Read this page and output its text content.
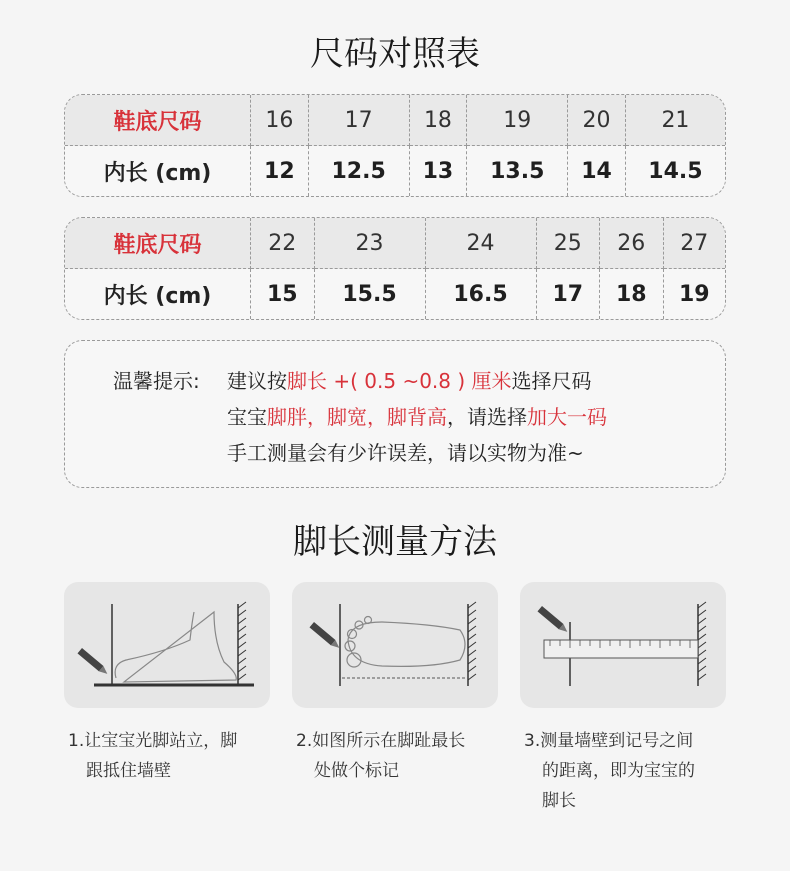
尺码对照表
鞋底尺码	16	17	18	19	20	21
内长 (cm)	12	12.5	13	13.5	14	14.5
鞋底尺码	22	23	24	25	26	27
内长 (cm)	15	15.5	16.5	17	18	19
温馨提示: 建议按脚长 +( 0.5 ~0.8 ) 厘米选择尺码
宝宝脚胖，脚宽，脚背高，请选择加大一码
手工测量会有少许误差，请以实物为准~
脚长测量方法
1.让宝宝光脚站立，脚
跟抵住墙壁
2.如图所示在脚趾最长
处做个标记
3.测量墙壁到记号之间
的距离，即为宝宝的
脚长
